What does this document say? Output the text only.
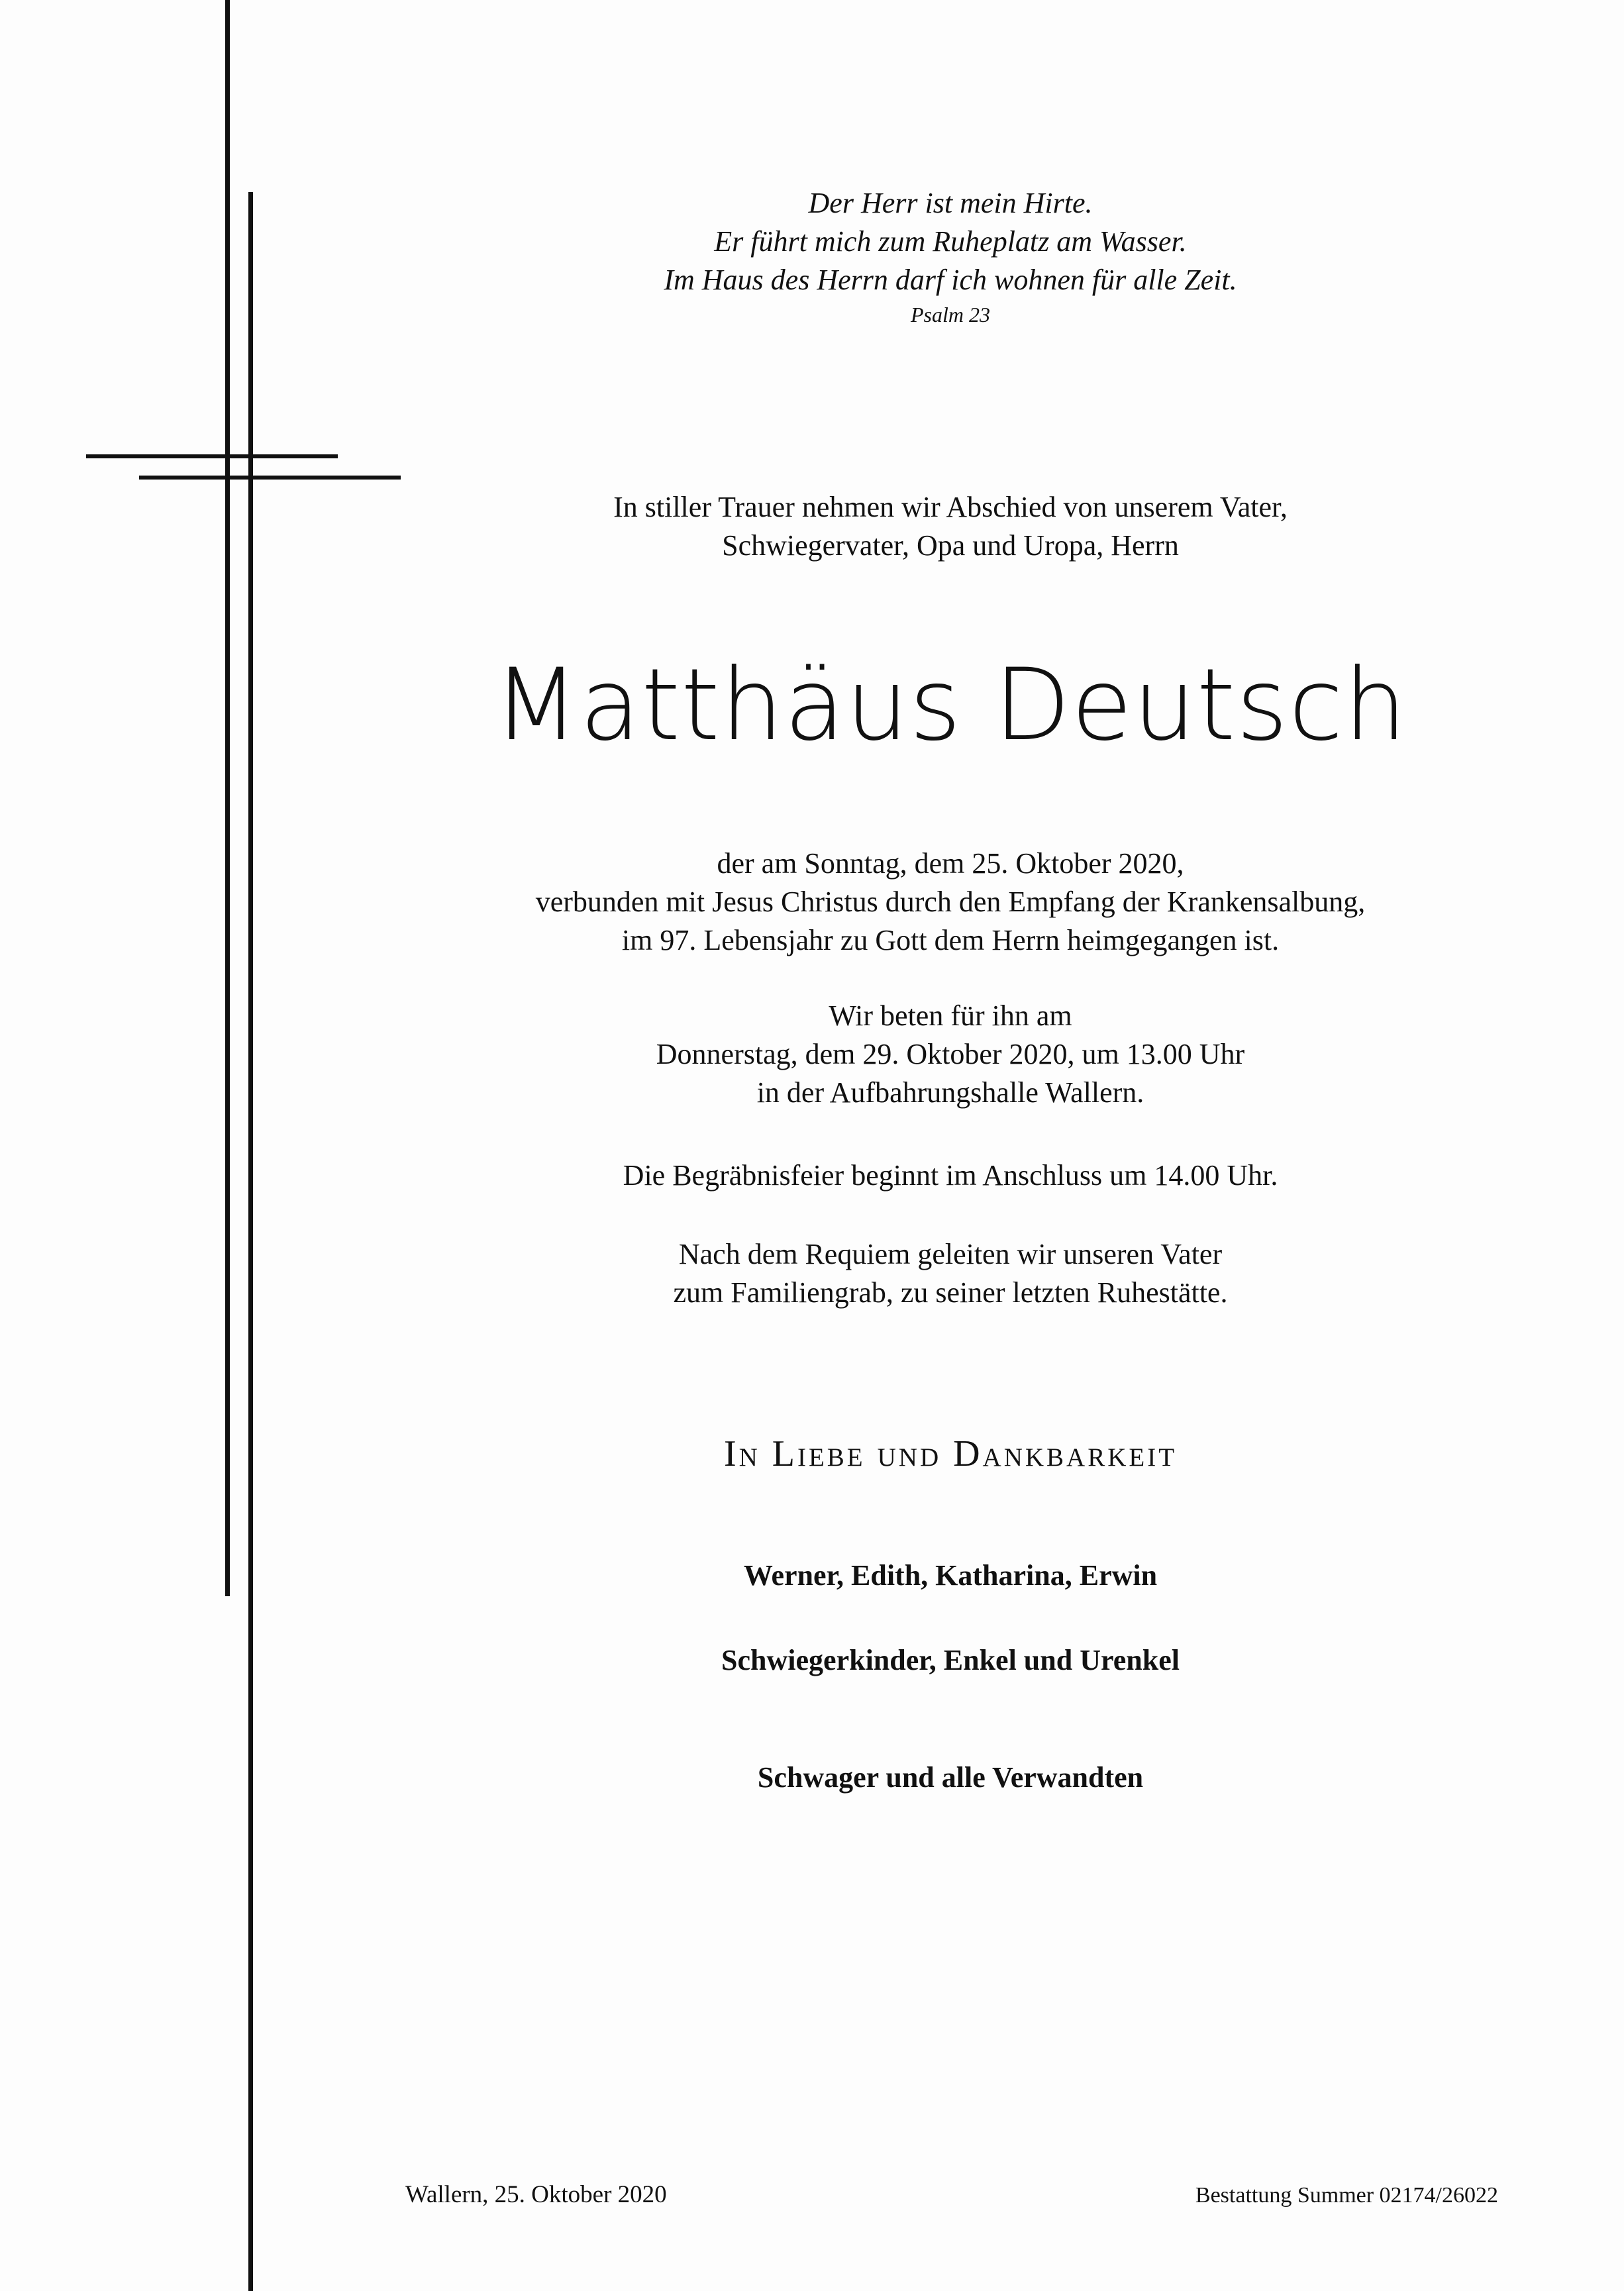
Der Herr ist mein Hirte.
Er führt mich zum Ruheplatz am Wasser.
Im Haus des Herrn darf ich wohnen für alle Zeit.
Psalm 23
In stiller Trauer nehmen wir Abschied von unserem Vater,
Schwiegervater, Opa und Uropa, Herrn
Matthäus Deutsch
der am Sonntag, dem 25. Oktober 2020,
verbunden mit Jesus Christus durch den Empfang der Krankensalbung,
im 97. Lebensjahr zu Gott dem Herrn heimgegangen ist.
Wir beten für ihn am
Donnerstag, dem 29. Oktober 2020, um 13.00 Uhr
in der Aufbahrungshalle Wallern.
Die Begräbnisfeier beginnt im Anschluss um 14.00 Uhr.
Nach dem Requiem geleiten wir unseren Vater
zum Familiengrab, zu seiner letzten Ruhestätte.
In Liebe und Dankbarkeit
Werner, Edith, Katharina, Erwin
Schwiegerkinder, Enkel und Urenkel
Schwager und alle Verwandten
Wallern, 25. Oktober 2020	Bestattung Summer 02174/26022
